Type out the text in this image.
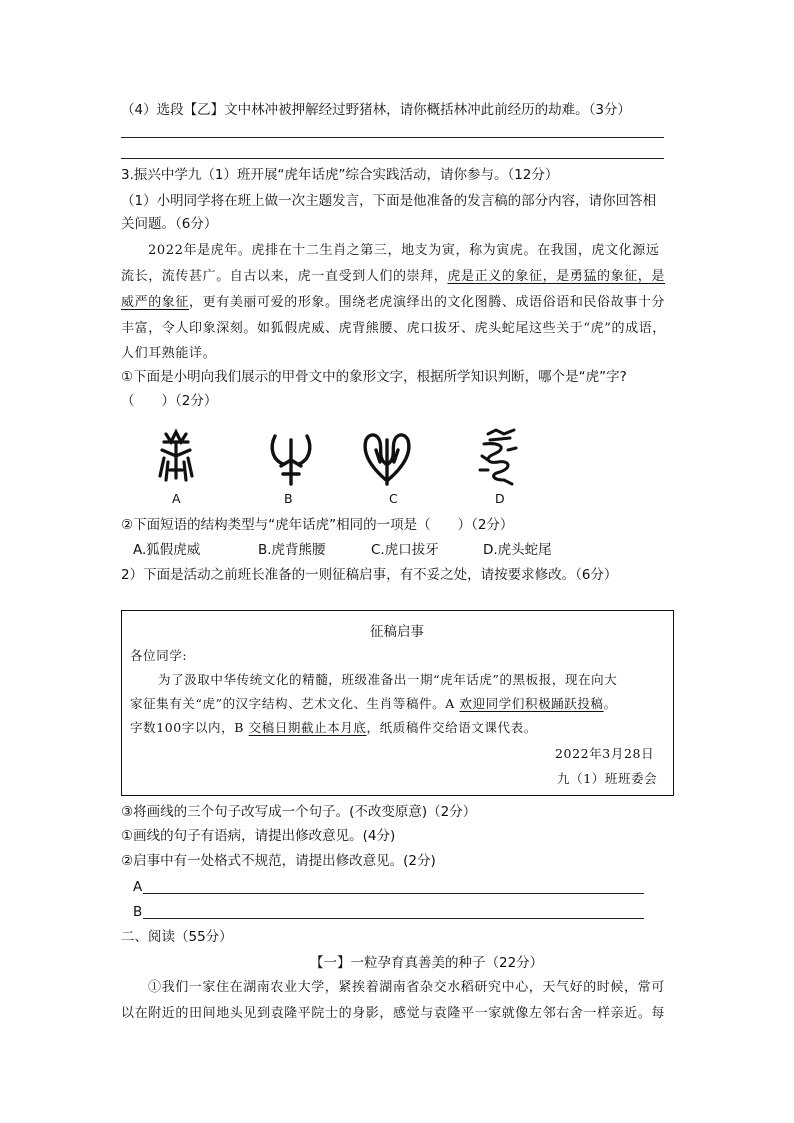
（4）选段【乙】文中林冲被押解经过野猪林，请你概括林冲此前经历的劫难。（3分）
3.振兴中学九（1）班开展“虎年话虎”综合实践活动，请你参与。（12分）
（1）小明同学将在班上做一次主题发言，下面是他准备的发言稿的部分内容，请你回答相
关问题。（6分）
2022年是虎年。虎排在十二生肖之第三，地支为寅，称为寅虎。在我国，虎文化源远
流长，流传甚广。自古以来，虎一直受到人们的崇拜，虎是正义的象征，是勇猛的象征，是
威严的象征，更有美丽可爱的形象。围绕老虎演绎出的文化图腾、成语俗语和民俗故事十分
丰富，令人印象深刻。如狐假虎威、虎背熊腰、虎口拔牙、虎头蛇尾这些关于“虎”的成语，
人们耳熟能详。
①下面是小明向我们展示的甲骨文中的象形文字，根据所学知识判断，哪个是“虎”字?
（　　）（2分）
A	B	C	D
②下面短语的结构类型与“虎年话虎”相同的一项是（　　）（2分）
A.狐假虎威	B.虎背熊腰	C.虎口拔牙	D.虎头蛇尾
2）下面是活动之前班长准备的一则征稿启事，有不妥之处，请按要求修改。（6分）
征稿启事
各位同学:
为了汲取中华传统文化的精髓，班级准备出一期“虎年话虎”的黑板报，现在向大
家征集有关“虎”的汉字结构、艺术文化、生肖等稿件。A 欢迎同学们积极踊跃投稿。
字数100字以内，B 交稿日期截止本月底，纸质稿件交给语文课代表。
2022年3月28日
九（1）班班委会
③将画线的三个句子改写成一个句子。(不改变原意)（2分）
①画线的句子有语病，请提出修改意见。(4分)
②启事中有一处格式不规范，请提出修改意见。(2分)
A
B
二、阅读（55分）
【一】一粒孕育真善美的种子（22分）
①我们一家住在湖南农业大学，紧挨着湖南省杂交水稻研究中心，天气好的时候，常可
以在附近的田间地头见到袁隆平院士的身影，感觉与袁隆平一家就像左邻右舍一样亲近。每
